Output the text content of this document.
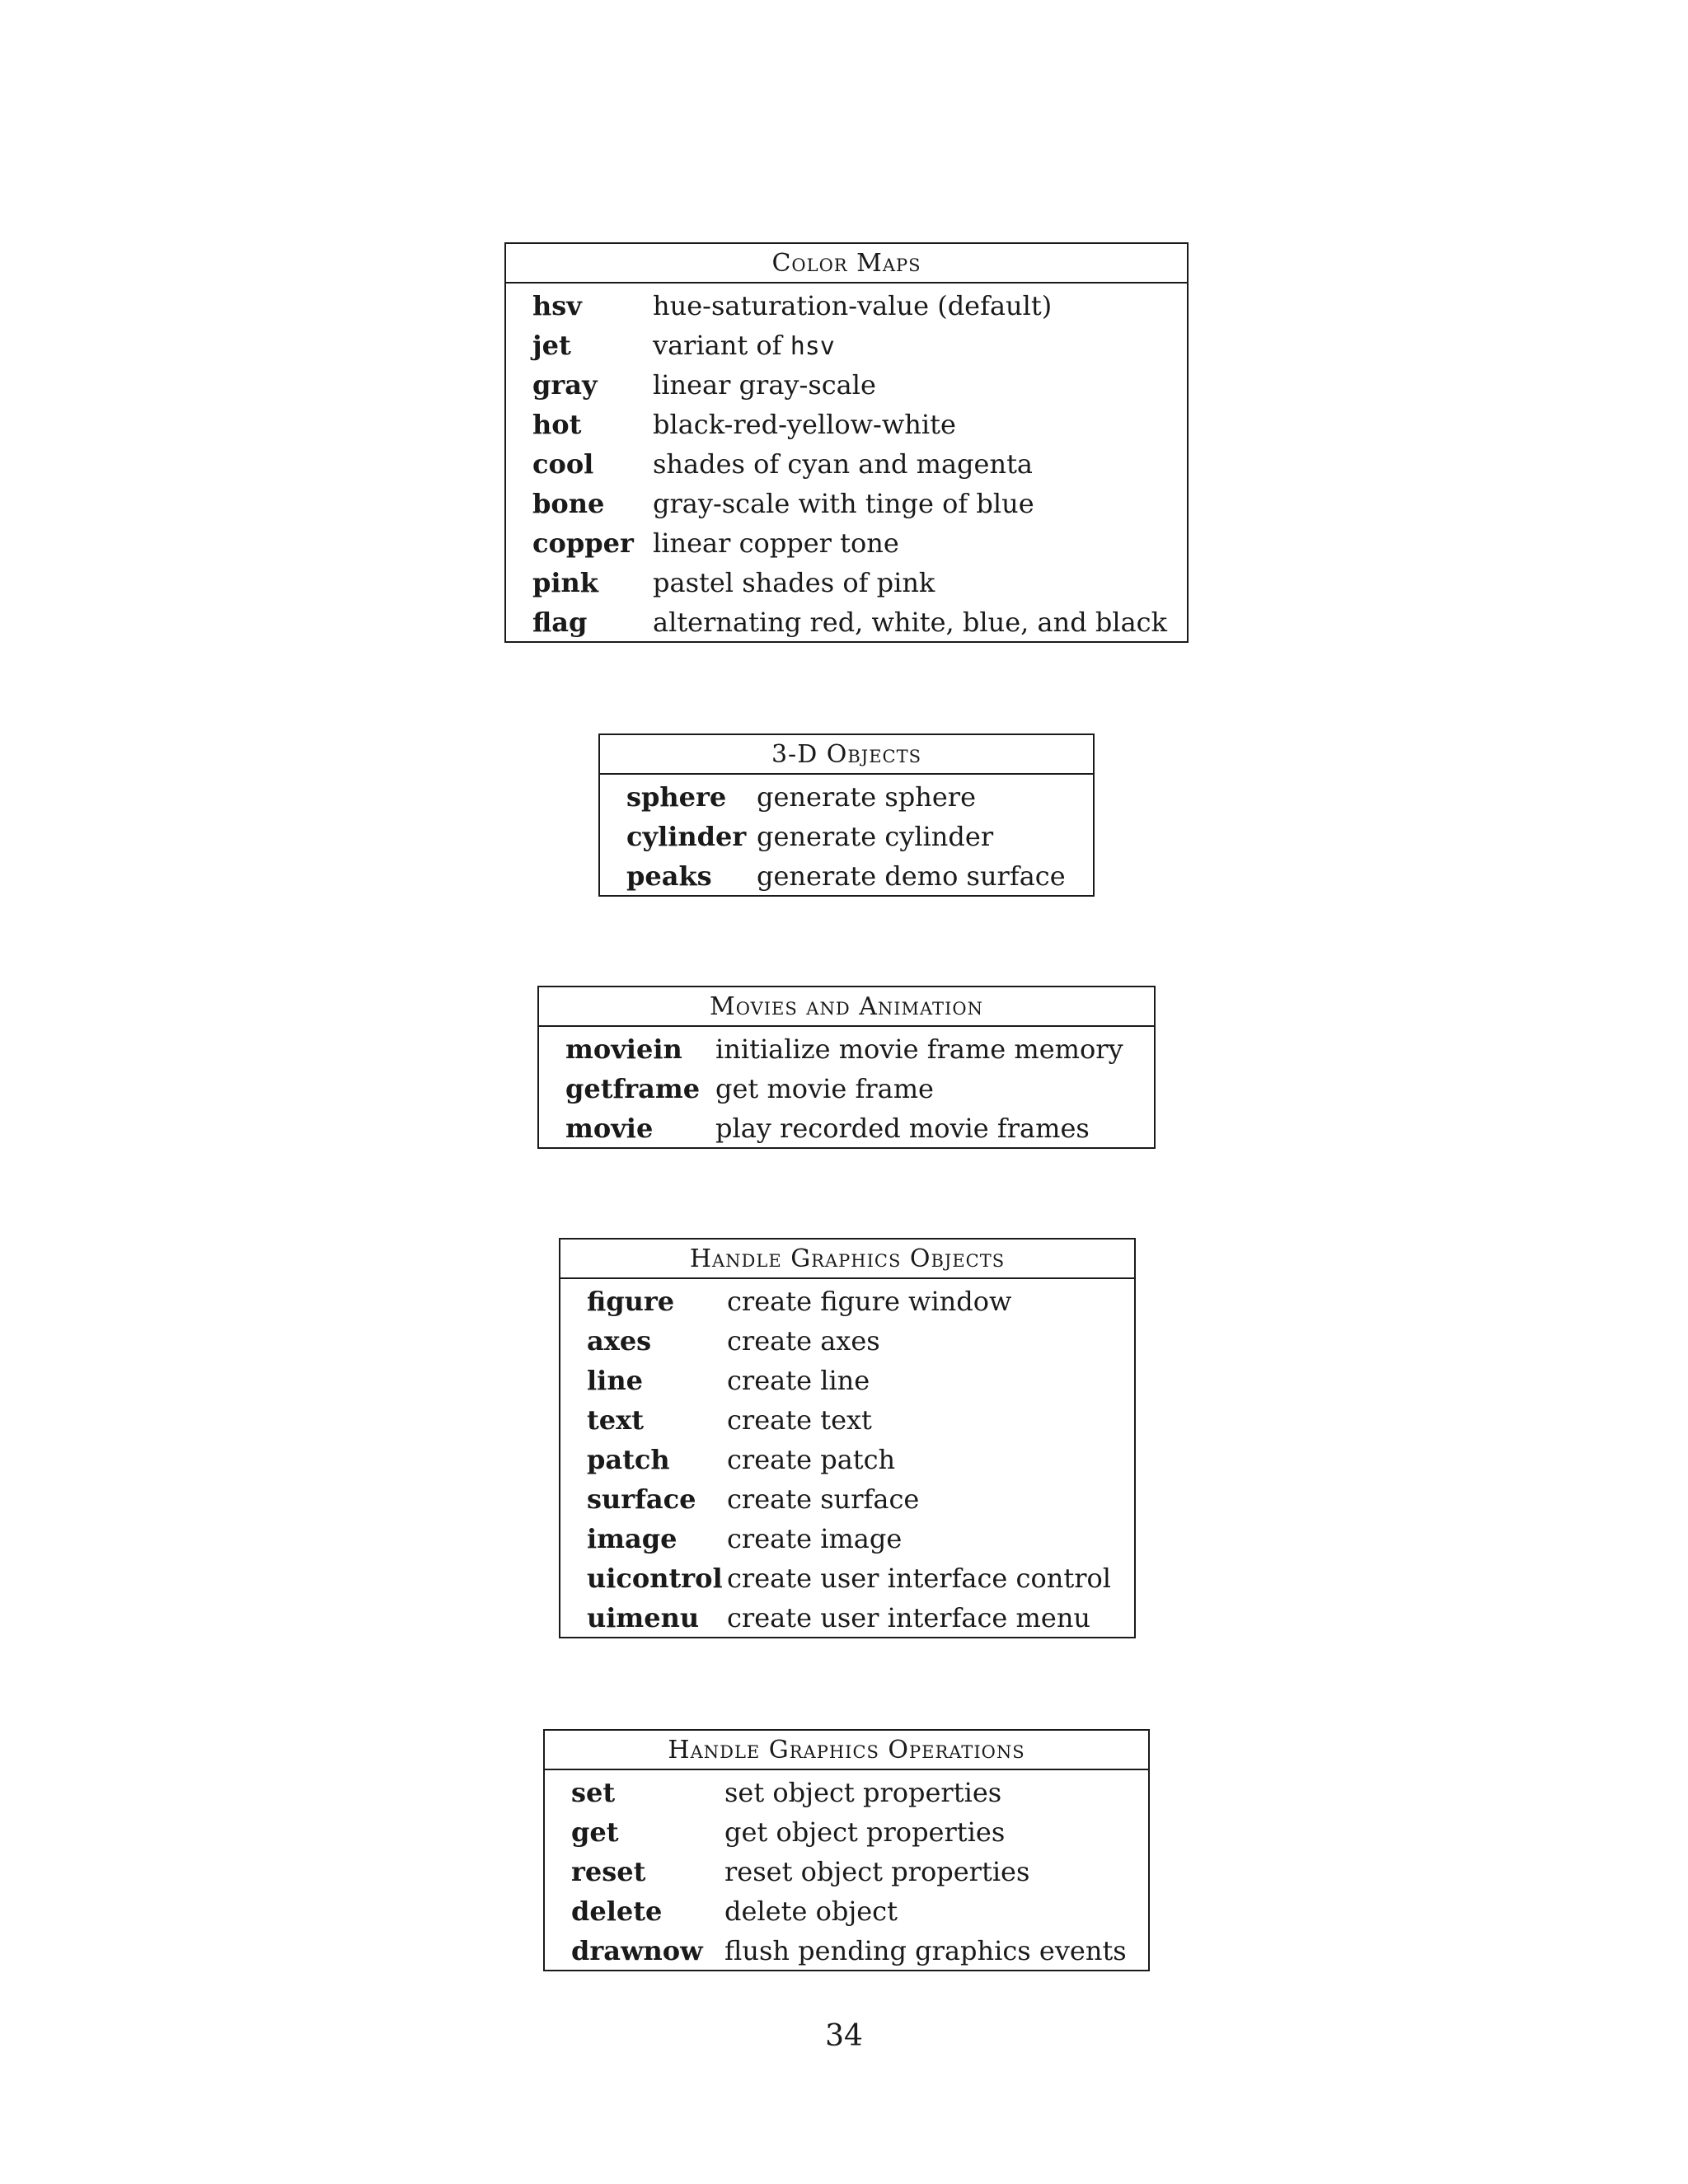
Color Maps
hsv	hue-saturation-value (default)
jet	variant of hsv
gray	linear gray-scale
hot	black-red-yellow-white
cool	shades of cyan and magenta
bone	gray-scale with tinge of blue
copper linear copper tone
pink	pastel shades of pink
flag	alternating red, white, blue, and black
3-D Objects
sphere	generate sphere
cylinder generate cylinder
peaks	generate demo surface
Movies and Animation
moviein	initialize movie frame memory
getframe get movie frame
movie	play recorded movie frames
Handle Graphics Objects
figure	create figure window
axes	create axes
line	create line
text	create text
patch	create patch
surface	create surface
image	create image
uicontrol create user interface control
uimenu	create user interface menu
Handle Graphics Operations
set	set object properties
get	get object properties
reset	reset object properties
delete	delete object
drawnow flush pending graphics events
34
